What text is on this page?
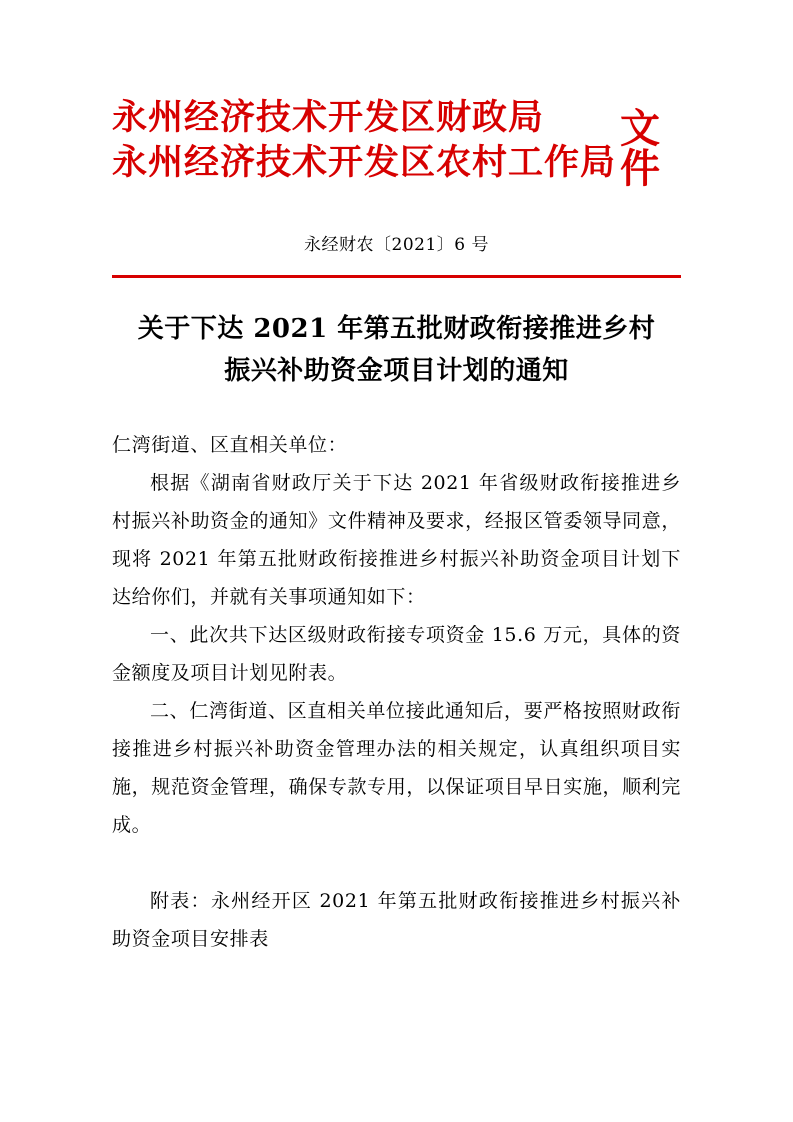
永州经济技术开发区财政局
永州经济技术开发区农村工作局
文件
永经财农〔2021〕6 号
关于下达 2021 年第五批财政衔接推进乡村
振兴补助资金项目计划的通知

仁湾街道、区直相关单位：

根据《湖南省财政厅关于下达 2021 年省级财政衔接推进乡村振兴补助资金的通知》文件精神及要求，经报区管委领导同意，现将 2021 年第五批财政衔接推进乡村振兴补助资金项目计划下达给你们，并就有关事项通知如下：

一、此次共下达区级财政衔接专项资金 15.6 万元，具体的资金额度及项目计划见附表。

二、仁湾街道、区直相关单位接此通知后，要严格按照财政衔接推进乡村振兴补助资金管理办法的相关规定，认真组织项目实施，规范资金管理，确保专款专用，以保证项目早日实施，顺利完成。

附表：永州经开区 2021 年第五批财政衔接推进乡村振兴补助资金项目安排表
